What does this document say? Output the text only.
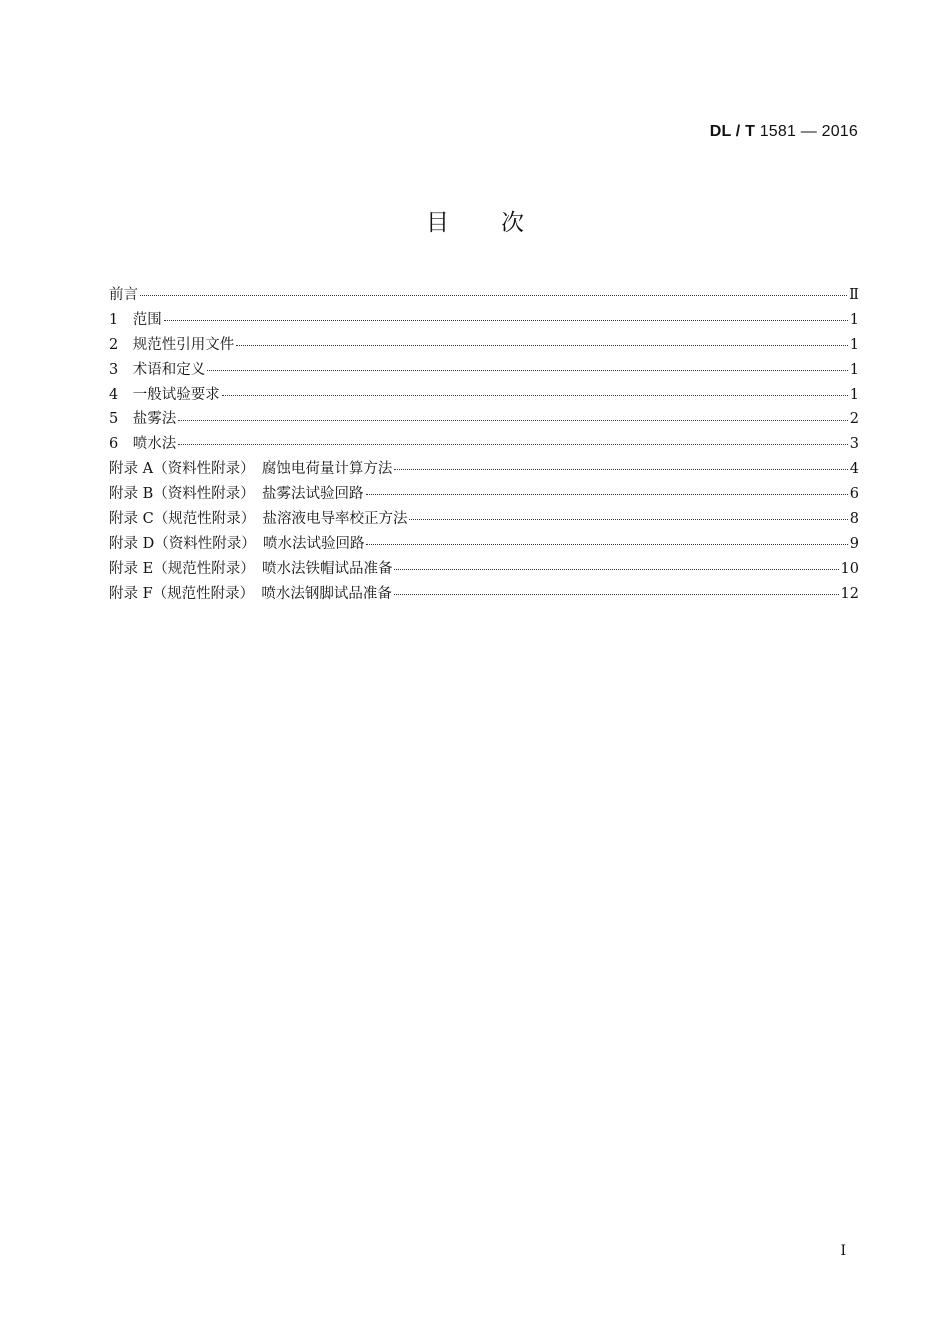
DL / T 1581 — 2016
目次
前言	Ⅱ
1　范围	1
2　规范性引用文件	1
3　术语和定义	1
4　一般试验要求	1
5　盐雾法	2
6　喷水法	3
附录 A（资料性附录）　腐蚀电荷量计算方法	4
附录 B（资料性附录）　盐雾法试验回路	6
附录 C（规范性附录）　盐溶液电导率校正方法	8
附录 D（资料性附录）　喷水法试验回路	9
附录 E（规范性附录）　喷水法铁帽试品准备	10
附录 F（规范性附录）　喷水法钢脚试品准备	12
I
